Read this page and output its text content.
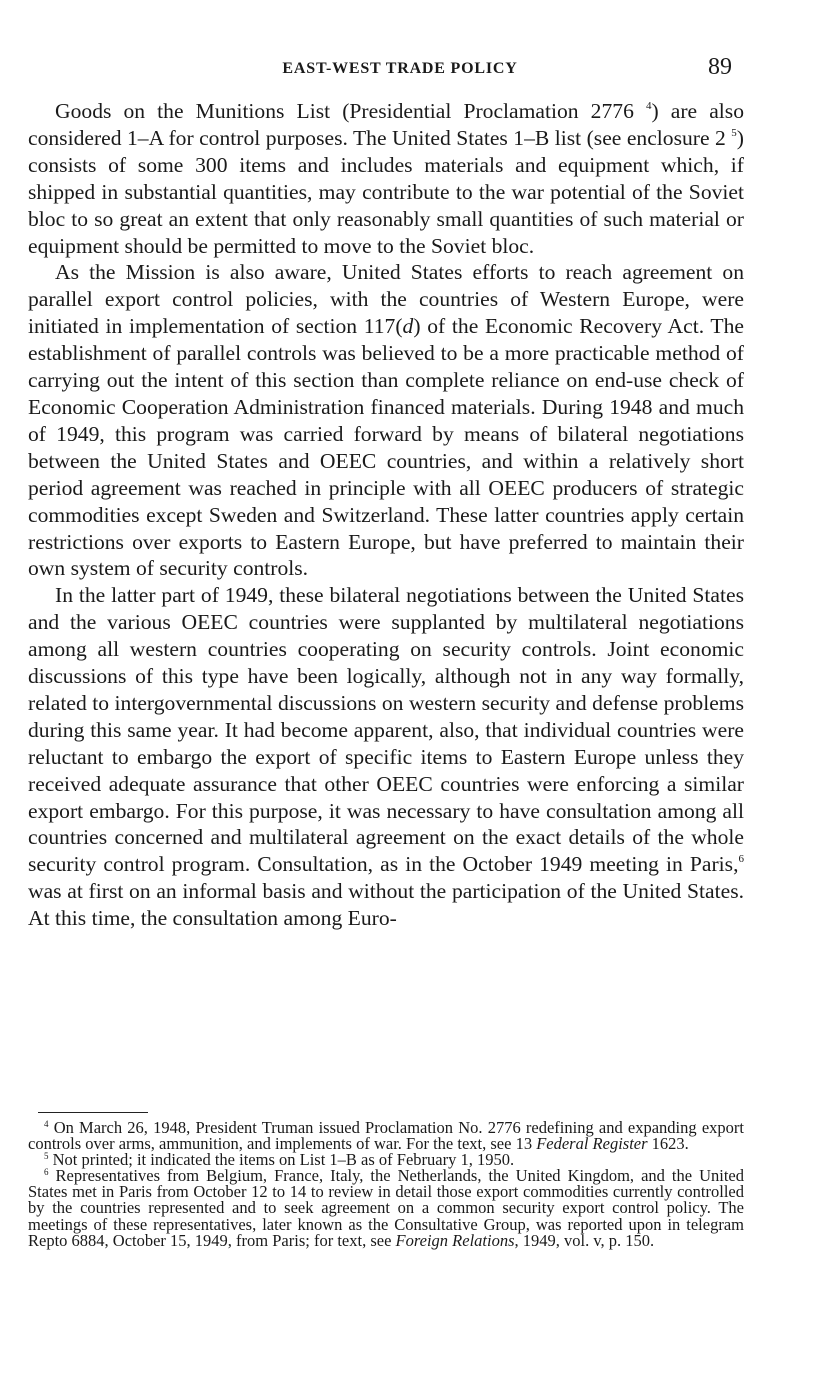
EAST-WEST TRADE POLICY	89

Goods on the Munitions List (Presidential Proclamation 2776 $^4$) are also considered 1–A for control purposes. The United States 1–B list (see enclosure 2 $^5$) consists of some 300 items and includes materials and equipment which, if shipped in substantial quantities, may contribute to the war potential of the Soviet bloc to so great an extent that only reasonably small quantities of such material or equipment should be permitted to move to the Soviet bloc.

As the Mission is also aware, United States efforts to reach agreement on parallel export control policies, with the countries of Western Europe, were initiated in implementation of section 117(d) of the Economic Recovery Act. The establishment of parallel controls was believed to be a more practicable method of carrying out the intent of this section than complete reliance on end-use check of Economic Cooperation Administration financed materials. During 1948 and much of 1949, this program was carried forward by means of bilateral negotiations between the United States and OEEC countries, and within a relatively short period agreement was reached in principle with all OEEC producers of strategic commodities except Sweden and Switzerland. These latter countries apply certain restrictions over exports to Eastern Europe, but have preferred to maintain their own system of security controls.

In the latter part of 1949, these bilateral negotiations between the United States and the various OEEC countries were supplanted by multilateral negotiations among all western countries cooperating on security controls. Joint economic discussions of this type have been logically, although not in any way formally, related to intergovernmental discussions on western security and defense problems during this same year. It had become apparent, also, that individual countries were reluctant to embargo the export of specific items to Eastern Europe unless they received adequate assurance that other OEEC countries were enforcing a similar export embargo. For this purpose, it was necessary to have consultation among all countries concerned and multilateral agreement on the exact details of the whole security control program. Consultation, as in the October 1949 meeting in Paris,$^6$ was at first on an informal basis and without the participation of the United States. At this time, the consultation among Euro-

$^4$ On March 26, 1948, President Truman issued Proclamation No. 2776 redefining and expanding export controls over arms, ammunition, and implements of war. For the text, see 13 Federal Register 1623.

$^5$ Not printed; it indicated the items on List 1–B as of February 1, 1950.

$^6$ Representatives from Belgium, France, Italy, the Netherlands, the United Kingdom, and the United States met in Paris from October 12 to 14 to review in detail those export commodities currently controlled by the countries represented and to seek agreement on a common security export control policy. The meetings of these representatives, later known as the Consultative Group, was reported upon in telegram Repto 6884, October 15, 1949, from Paris; for text, see Foreign Relations, 1949, vol. v, p. 150.
